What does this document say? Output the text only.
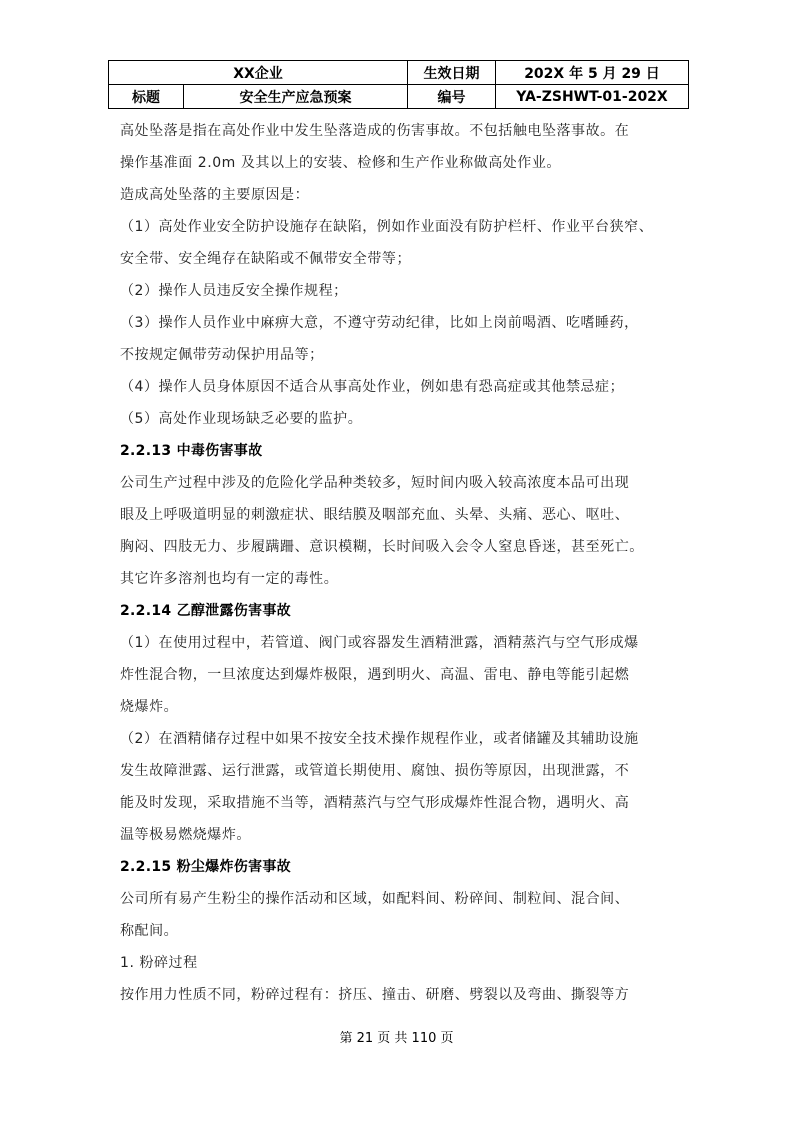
XX企业		生效日期	202X 年 5 月 29 日
标题	安全生产应急预案	编号	YA-ZSHWT-01-202X

高处坠落是指在高处作业中发生坠落造成的伤害事故。不包括触电坠落事故。在

操作基准面 2.0m 及其以上的安装、检修和生产作业称做高处作业。

造成高处坠落的主要原因是：

（1）高处作业安全防护设施存在缺陷，例如作业面没有防护栏杆、作业平台狭窄、

安全带、安全绳存在缺陷或不佩带安全带等；

（2）操作人员违反安全操作规程；

（3）操作人员作业中麻痹大意，不遵守劳动纪律，比如上岗前喝酒、吃嗜睡药，

不按规定佩带劳动保护用品等；

（4）操作人员身体原因不适合从事高处作业，例如患有恐高症或其他禁忌症；

（5）高处作业现场缺乏必要的监护。

2.2.13 中毒伤害事故

公司生产过程中涉及的危险化学品种类较多，短时间内吸入较高浓度本品可出现

眼及上呼吸道明显的刺激症状、眼结膜及咽部充血、头晕、头痛、恶心、呕吐、

胸闷、四肢无力、步履蹒跚、意识模糊，长时间吸入会令人窒息昏迷，甚至死亡。

其它许多溶剂也均有一定的毒性。

2.2.14 乙醇泄露伤害事故

（1）在使用过程中，若管道、阀门或容器发生酒精泄露，酒精蒸汽与空气形成爆

炸性混合物，一旦浓度达到爆炸极限，遇到明火、高温、雷电、静电等能引起燃

烧爆炸。

（2）在酒精储存过程中如果不按安全技术操作规程作业，或者储罐及其辅助设施

发生故障泄露、运行泄露，或管道长期使用、腐蚀、损伤等原因，出现泄露，不

能及时发现，采取措施不当等，酒精蒸汽与空气形成爆炸性混合物，遇明火、高

温等极易燃烧爆炸。

2.2.15 粉尘爆炸伤害事故

公司所有易产生粉尘的操作活动和区域，如配料间、粉碎间、制粒间、混合间、

称配间。

1. 粉碎过程

按作用力性质不同，粉碎过程有：挤压、撞击、研磨、劈裂以及弯曲、撕裂等方

第 21 页 共 110 页
